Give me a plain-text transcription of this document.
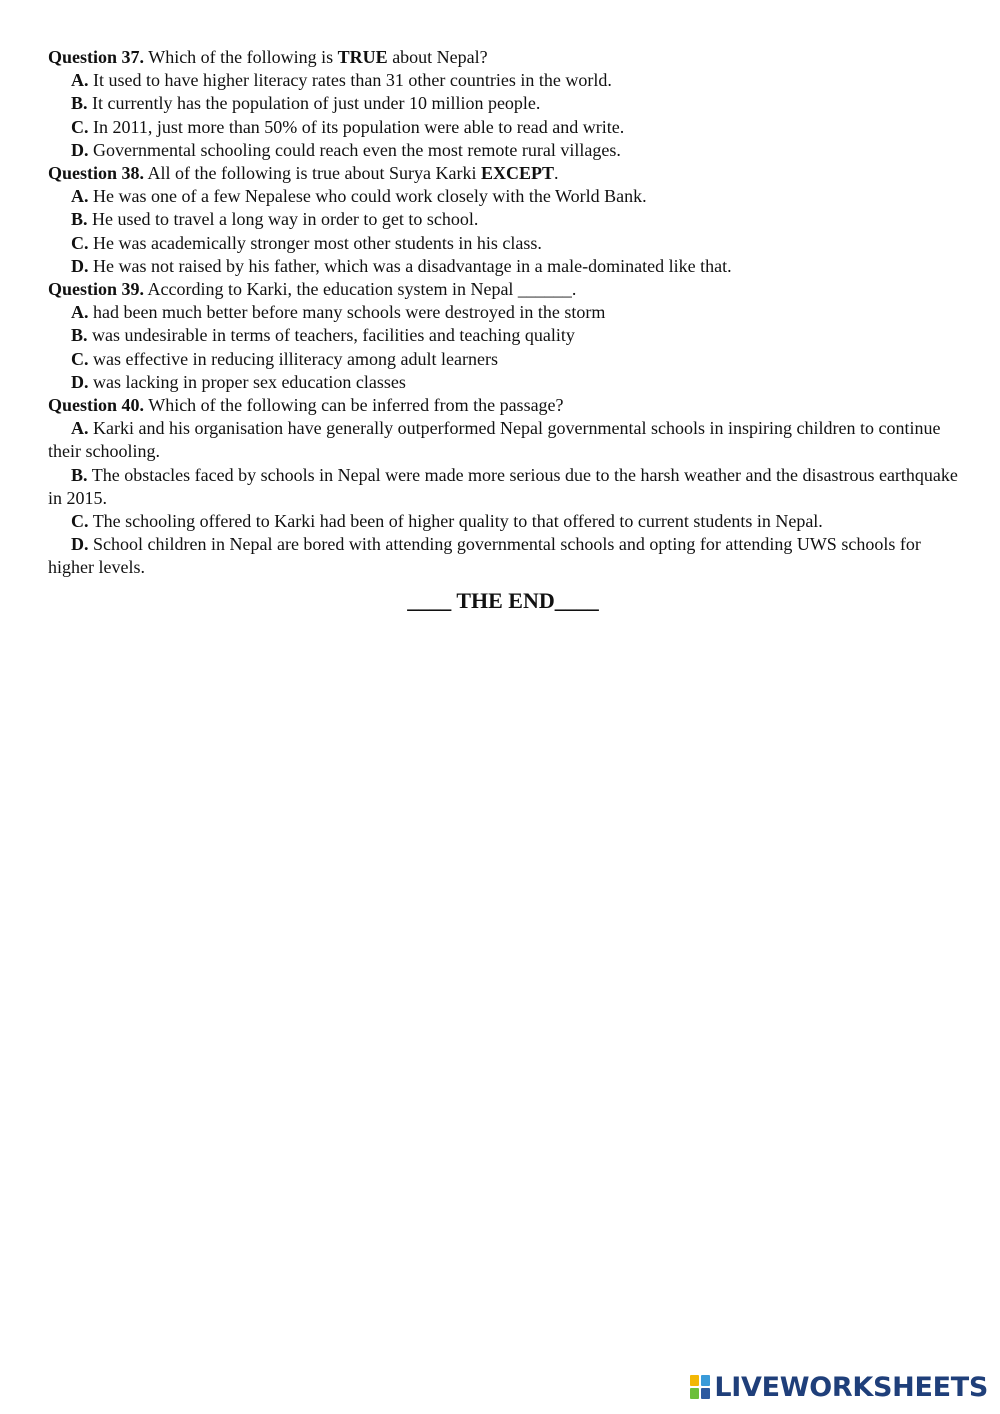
Question 37. Which of the following is TRUE about Nepal?

A. It used to have higher literacy rates than 31 other countries in the world.

B. It currently has the population of just under 10 million people.

C. In 2011, just more than 50% of its population were able to read and write.

D. Governmental schooling could reach even the most remote rural villages.

Question 38. All of the following is true about Surya Karki EXCEPT.

A. He was one of a few Nepalese who could work closely with the World Bank.

B. He used to travel a long way in order to get to school.

C. He was academically stronger most other students in his class.

D. He was not raised by his father, which was a disadvantage in a male-dominated like that.

Question 39. According to Karki, the education system in Nepal ______.

A. had been much better before many schools were destroyed in the storm

B. was undesirable in terms of teachers, facilities and teaching quality

C. was effective in reducing illiteracy among adult learners

D. was lacking in proper sex education classes

Question 40. Which of the following can be inferred from the passage?

A. Karki and his organisation have generally outperformed Nepal governmental schools in inspiring children to continue their schooling.

B. The obstacles faced by schools in Nepal were made more serious due to the harsh weather and the disastrous earthquake in 2015.

C. The schooling offered to Karki had been of higher quality to that offered to current students in Nepal.

D. School children in Nepal are bored with attending governmental schools and opting for attending UWS schools for higher levels.

____ THE END____
LIVEWORKSHEETS
